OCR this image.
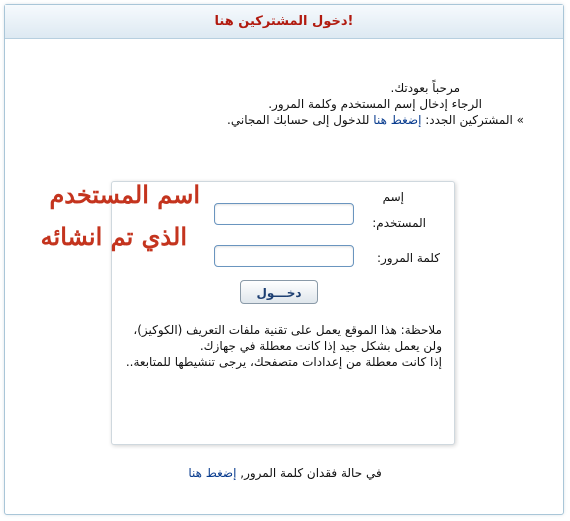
دخول المشتركين هنا!
مرحباً بعودتك.
الرجاء إدخال إسم المستخدم وكلمة المرور.
» المشتركين الجدد: إضغط هنا للدخول إلى حسابك المجاني.
إسم
المستخدم:
كلمة المرور:
دخـــول
ملاحظة: هذا الموقع يعمل على تقنية ملفات التعريف (الكوكيز)، ولن يعمل بشكل جيد إذا كانت معطلة في جهازك.
إذا كانت معطلة من إعدادات متصفحك، يرجى تنشيطها للمتابعة..
اسم المستخدم
الذي تم انشائه
في حالة فقدان كلمة المرور, إضغط هنا
